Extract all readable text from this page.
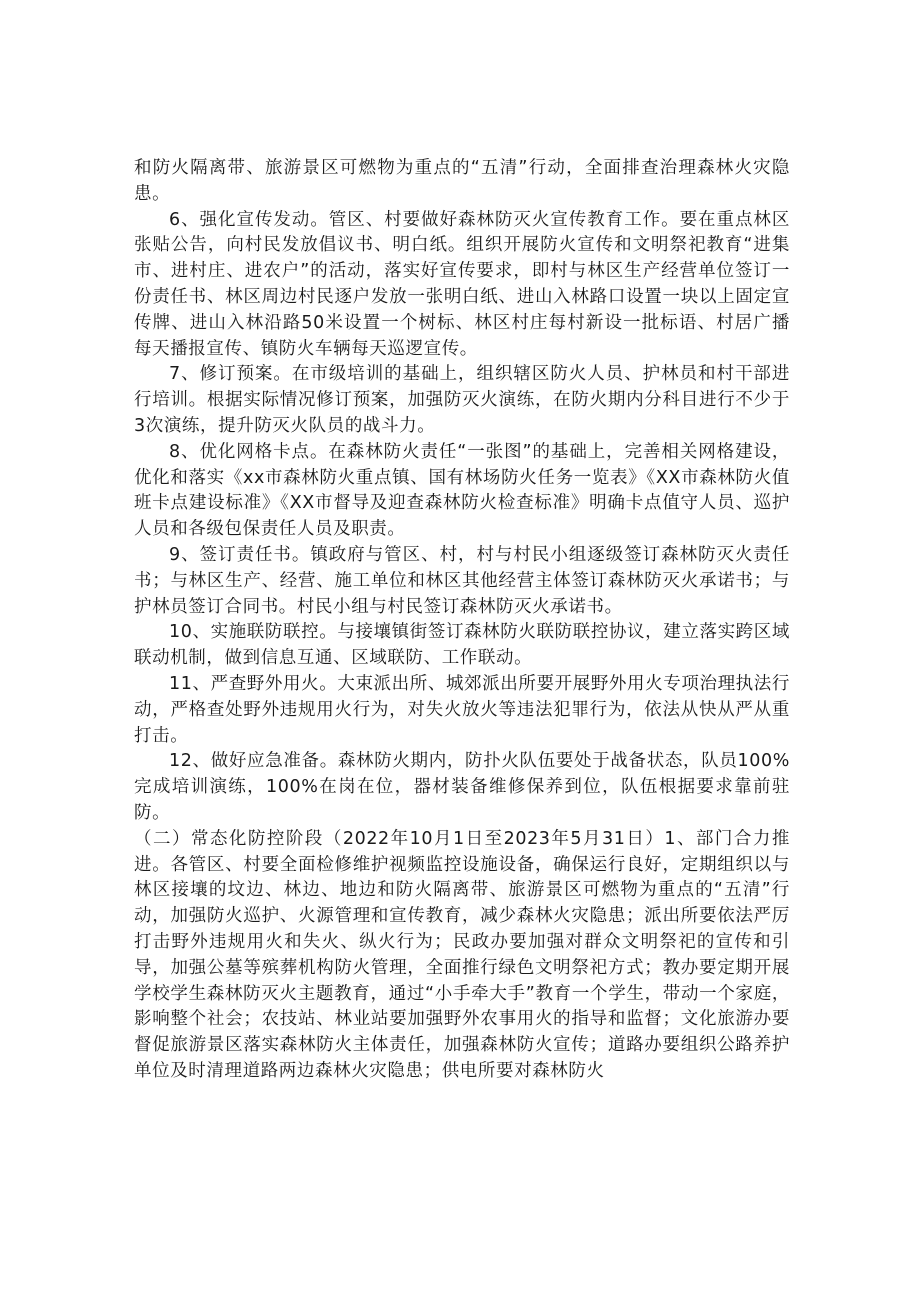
和防火隔离带、旅游景区可燃物为重点的“五清”行动，全面排查治理森林火灾隐患。

6、强化宣传发动。管区、村要做好森林防灭火宣传教育工作。要在重点林区张贴公告，向村民发放倡议书、明白纸。组织开展防火宣传和文明祭祀教育“进集市、进村庄、进农户”的活动，落实好宣传要求，即村与林区生产经营单位签订一份责任书、林区周边村民逐户发放一张明白纸、进山入林路口设置一块以上固定宣传牌、进山入林沿路50米设置一个树标、林区村庄每村新设一批标语、村居广播每天播报宣传、镇防火车辆每天巡逻宣传。

7、修订预案。在市级培训的基础上，组织辖区防火人员、护林员和村干部进行培训。根据实际情况修订预案，加强防灭火演练，在防火期内分科目进行不少于3次演练，提升防灭火队员的战斗力。

8、优化网格卡点。在森林防火责任“一张图”的基础上，完善相关网格建设，优化和落实《xx市森林防火重点镇、国有林场防火任务一览表》《XX市森林防火值班卡点建设标准》《XX市督导及迎查森林防火检查标准》明确卡点值守人员、巡护人员和各级包保责任人员及职责。

9、签订责任书。镇政府与管区、村，村与村民小组逐级签订森林防灭火责任书；与林区生产、经营、施工单位和林区其他经营主体签订森林防灭火承诺书；与护林员签订合同书。村民小组与村民签订森林防灭火承诺书。

10、实施联防联控。与接壤镇街签订森林防火联防联控协议，建立落实跨区域联动机制，做到信息互通、区域联防、工作联动。

11、严查野外用火。大束派出所、城郊派出所要开展野外用火专项治理执法行动，严格查处野外违规用火行为，对失火放火等违法犯罪行为，依法从快从严从重打击。

12、做好应急准备。森林防火期内，防扑火队伍要处于战备状态，队员100%完成培训演练，100%在岗在位，器材装备维修保养到位，队伍根据要求靠前驻防。

（二）常态化防控阶段（2022年10月1日至2023年5月31日）1、部门合力推进。各管区、村要全面检修维护视频监控设施设备，确保运行良好，定期组织以与林区接壤的坟边、林边、地边和防火隔离带、旅游景区可燃物为重点的“五清”行动，加强防火巡护、火源管理和宣传教育，减少森林火灾隐患；派出所要依法严厉打击野外违规用火和失火、纵火行为；民政办要加强对群众文明祭祀的宣传和引导，加强公墓等殡葬机构防火管理，全面推行绿色文明祭祀方式；教办要定期开展学校学生森林防灭火主题教育，通过“小手牵大手”教育一个学生，带动一个家庭，影响整个社会；农技站、林业站要加强野外农事用火的指导和监督；文化旅游办要督促旅游景区落实森林防火主体责任，加强森林防火宣传；道路办要组织公路养护单位及时清理道路两边森林火灾隐患；供电所要对森林防火
